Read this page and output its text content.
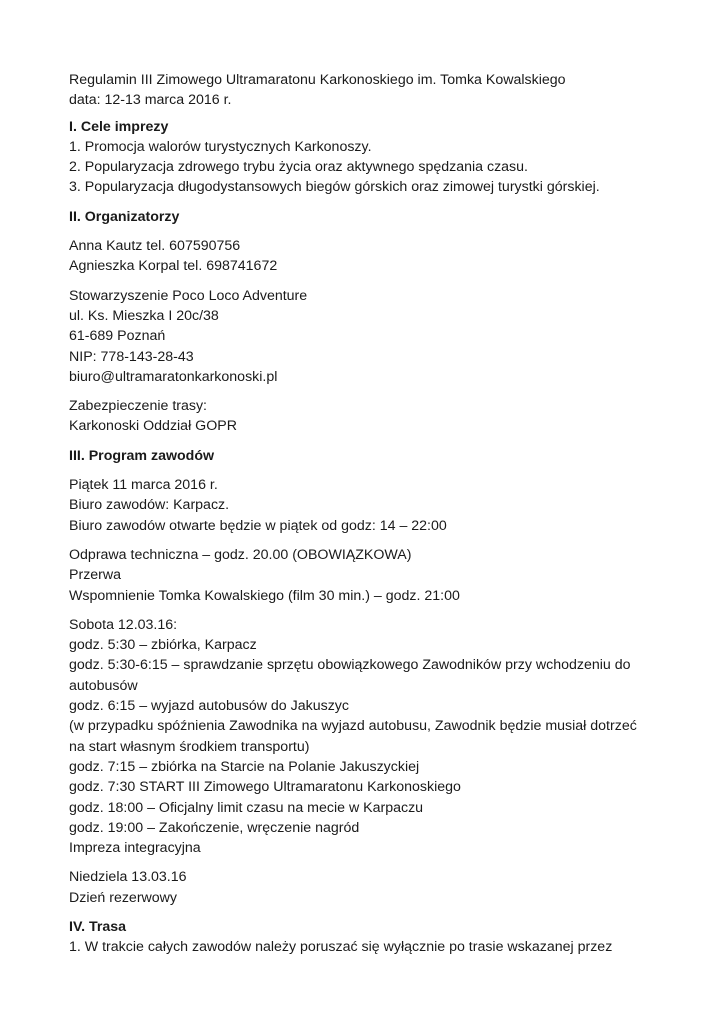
Regulamin III Zimowego Ultramaratonu Karkonoskiego im. Tomka Kowalskiego
data: 12-13 marca 2016 r.
I. Cele imprezy
1. Promocja walorów turystycznych Karkonoszy.
2. Popularyzacja zdrowego trybu życia oraz aktywnego spędzania czasu.
3. Popularyzacja długodystansowych biegów górskich oraz zimowej turystki górskiej.
II. Organizatorzy
Anna Kautz tel. 607590756
Agnieszka Korpal tel. 698741672
Stowarzyszenie Poco Loco Adventure
ul. Ks. Mieszka I 20c/38
61-689 Poznań
NIP: 778-143-28-43
biuro@ultramaratonkarkonoski.pl
Zabezpieczenie trasy:
Karkonoski Oddział GOPR
III. Program zawodów
Piątek 11 marca 2016 r.
Biuro zawodów: Karpacz.
Biuro zawodów otwarte będzie w piątek od godz: 14 – 22:00
Odprawa techniczna – godz. 20.00 (OBOWIĄZKOWA)
Przerwa
Wspomnienie Tomka Kowalskiego (film 30 min.) – godz. 21:00
Sobota 12.03.16:
godz. 5:30 – zbiórka, Karpacz
godz. 5:30-6:15 – sprawdzanie sprzętu obowiązkowego Zawodników przy wchodzeniu do
autobusów
godz. 6:15 – wyjazd autobusów do Jakuszyc
(w przypadku spóźnienia Zawodnika na wyjazd autobusu, Zawodnik będzie musiał dotrzeć
na start własnym środkiem transportu)
godz. 7:15 – zbiórka na Starcie na Polanie Jakuszyckiej
godz. 7:30 START III Zimowego Ultramaratonu Karkonoskiego
godz. 18:00 – Oficjalny limit czasu na mecie w Karpaczu
godz. 19:00 – Zakończenie, wręczenie nagród
Impreza integracyjna
Niedziela 13.03.16
Dzień rezerwowy
IV. Trasa
1. W trakcie całych zawodów należy poruszać się wyłącznie po trasie wskazanej przez
